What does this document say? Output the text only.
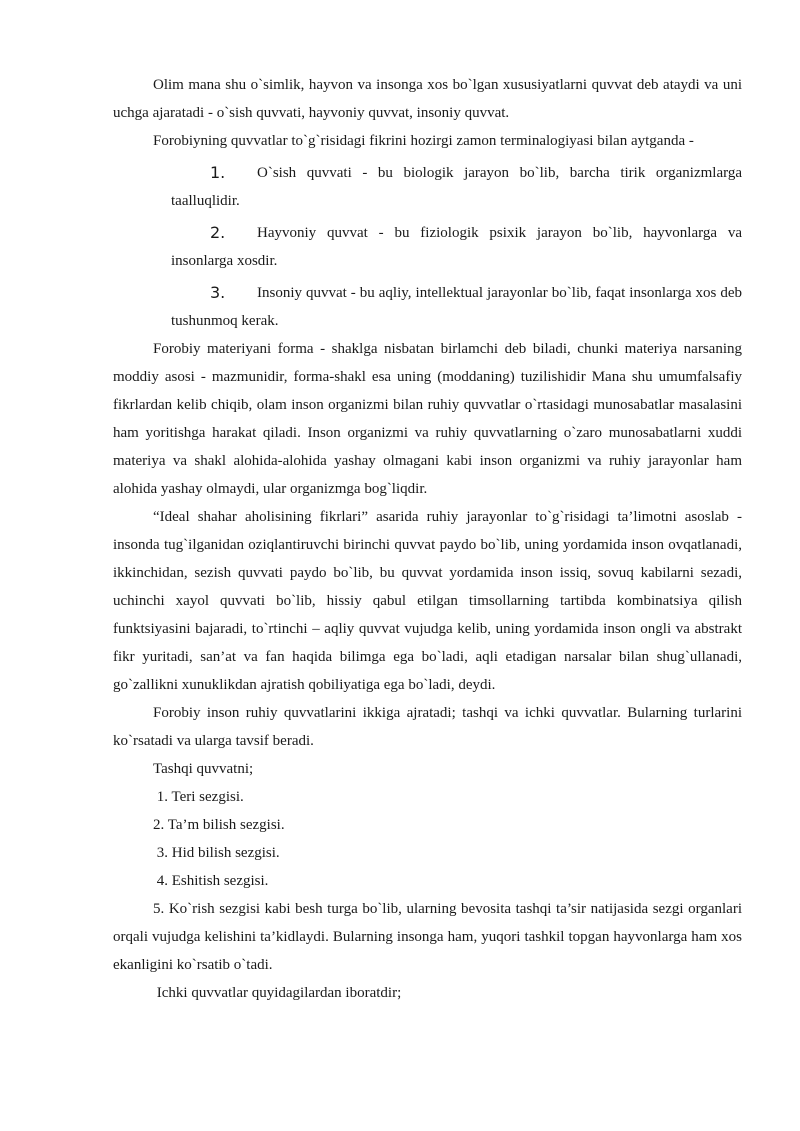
Olim mana shu o`simlik, hayvon va insonga xos bo`lgan xususiyatlarni quvvat deb ataydi va uni uchga ajaratadi - o`sish quvvati, hayvoniy quvvat, insoniy quvvat.

Forobiyning quvvatlar to`g`risidagi fikrini hozirgi zamon terminalogiyasi bilan aytganda -

1. O`sish quvvati - bu biologik jarayon bo`lib, barcha tirik organizmlarga taalluqlidir.

2. Hayvoniy quvvat - bu fiziologik psixik jarayon bo`lib, hayvonlarga va insonlarga xosdir.

3. Insoniy quvvat - bu aqliy, intellektual jarayonlar bo`lib, faqat insonlarga xos deb tushunmoq kerak.

Forobiy materiyani forma - shaklga nisbatan birlamchi deb biladi, chunki materiya narsaning moddiy asosi - mazmunidir, forma-shakl esa uning (moddaning) tuzilishidir Mana shu umumfalsafiy fikrlardan kelib chiqib, olam inson organizmi bilan ruhiy quvvatlar o`rtasidagi munosabatlar masalasini ham yoritishga harakat qiladi. Inson organizmi va ruhiy quvvatlarning o`zaro munosabatlarni xuddi materiya va shakl alohida-alohida yashay olmagani kabi inson organizmi va ruhiy jarayonlar ham alohida yashay olmaydi, ular organizmga bog`liqdir.

“Ideal shahar aholisining fikrlari” asarida ruhiy jarayonlar to`g`risidagi ta’limotni asoslab - insonda tug`ilganidan oziqlantiruvchi birinchi quvvat paydo bo`lib, uning yordamida inson ovqatlanadi, ikkinchidan, sezish quvvati paydo bo`lib, bu quvvat yordamida inson issiq, sovuq kabilarni sezadi, uchinchi xayol quvvati bo`lib, hissiy qabul etilgan timsollarning tartibda kombinatsiya qilish funktsiyasini bajaradi, to`rtinchi – aqliy quvvat vujudga kelib, uning yordamida inson ongli va abstrakt fikr yuritadi, san’at va fan haqida bilimga ega bo`ladi, aqli etadigan narsalar bilan shug`ullanadi, go`zallikni xunuklikdan ajratish qobiliyatiga ega bo`ladi, deydi.

Forobiy inson ruhiy quvvatlarini ikkiga ajratadi; tashqi va ichki quvvatlar. Bularning turlarini ko`rsatadi va ularga tavsif beradi.

Tashqi quvvatni;

1. Teri sezgisi.

2. Ta’m bilish sezgisi.

3. Hid bilish sezgisi.

4. Eshitish sezgisi.

5. Ko`rish sezgisi kabi besh turga bo`lib, ularning bevosita tashqi ta’sir natijasida sezgi organlari orqali vujudga kelishini ta’kidlaydi. Bularning insonga ham, yuqori tashkil topgan hayvonlarga ham xos ekanligini ko`rsatib o`tadi.

Ichki quvvatlar quyidagilardan iboratdir;
